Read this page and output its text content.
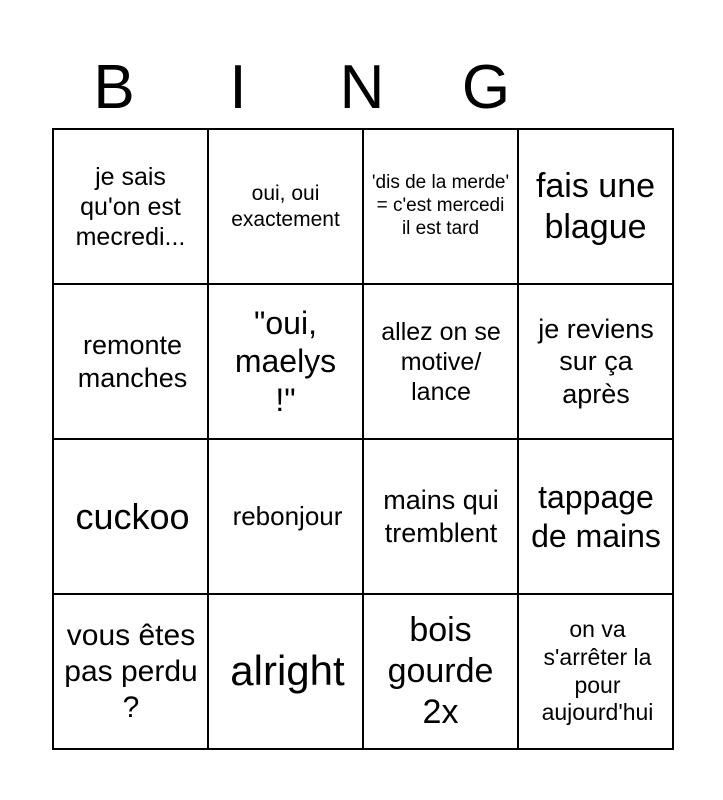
B	I	N	G
je sais qu'on est mecredi...	oui, oui exactement	'dis de la merde' = c'est mercedi il est tard	fais une blague

remonte manches	"oui, maelys !"	allez on se motive/ lance	je reviens sur ça après

cuckoo	rebonjour	mains qui tremblent	tappage de mains

vous êtes pas perdu ?	alright	bois gourde 2x	on va s'arrêter la pour aujourd'hui
